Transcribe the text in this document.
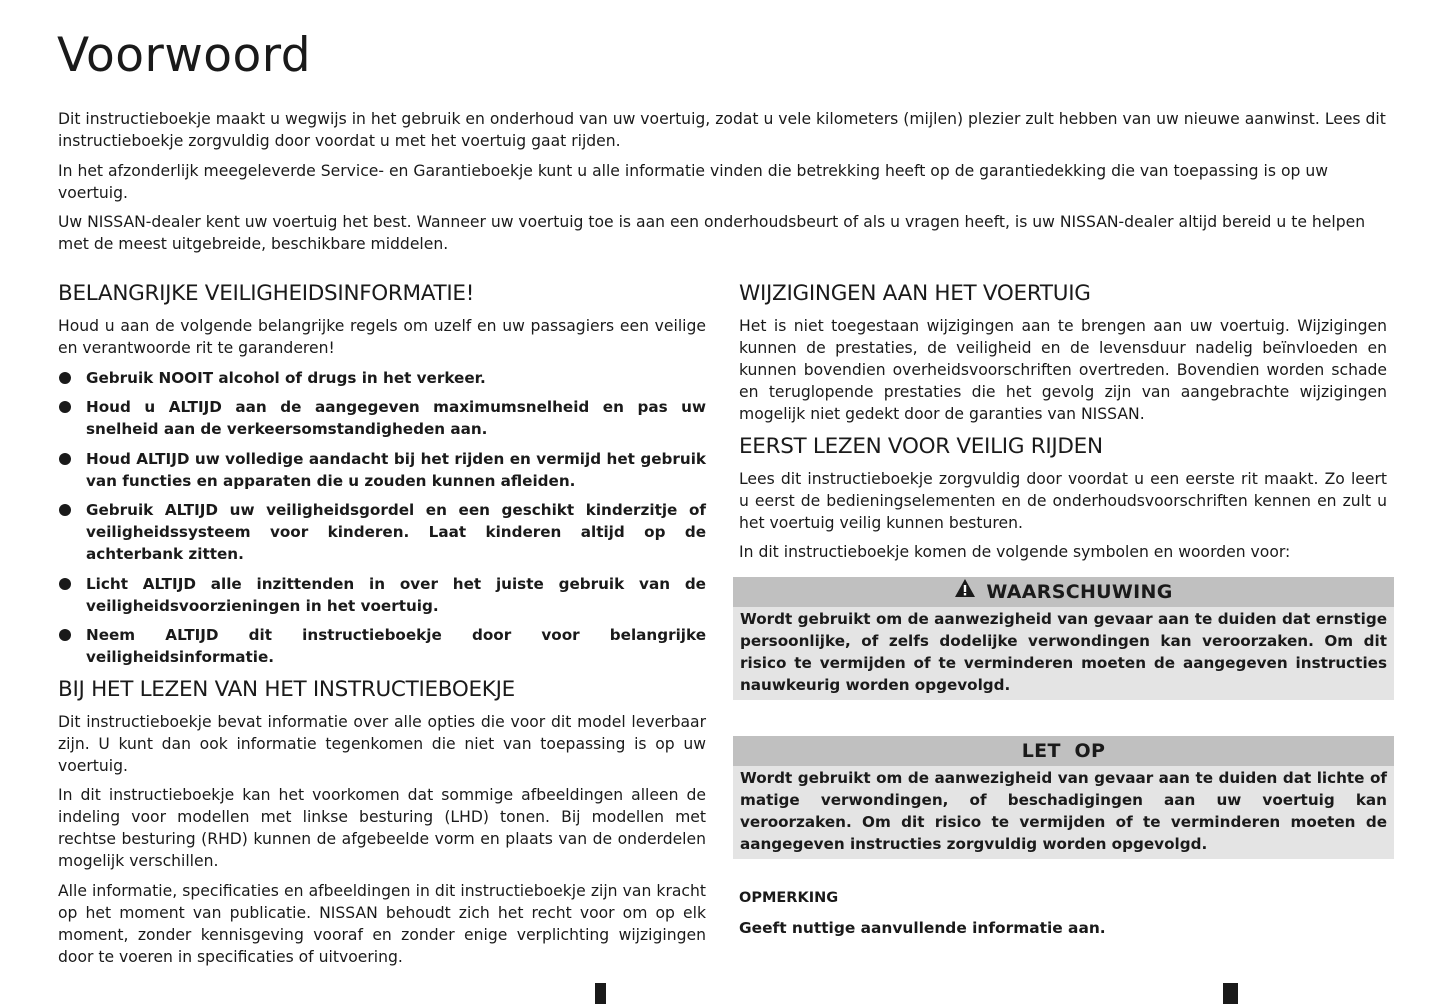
Voorwoord

Dit instructieboekje maakt u wegwijs in het gebruik en onderhoud van uw voertuig, zodat u vele kilometers (mijlen) plezier zult hebben van uw nieuwe aanwinst. Lees dit instructieboekje zorgvuldig door voordat u met het voertuig gaat rijden.

In het afzonderlijk meegeleverde Service- en Garantieboekje kunt u alle informatie vinden die betrekking heeft op de garantiedekking die van toepassing is op uw voertuig.

Uw NISSAN-dealer kent uw voertuig het best. Wanneer uw voertuig toe is aan een onderhoudsbeurt of als u vragen heeft, is uw NISSAN-dealer altijd bereid u te helpen met de meest uitgebreide, beschikbare middelen.

BELANGRIJKE VEILIGHEIDSINFORMATIE!

Houd u aan de volgende belangrijke regels om uzelf en uw passagiers een veilige en verantwoorde rit te garanderen!

Gebruik NOOIT alcohol of drugs in het verkeer.
Houd u ALTIJD aan de aangegeven maximumsnelheid en pas uw snelheid aan de verkeersomstandigheden aan.
Houd ALTIJD uw volledige aandacht bij het rijden en vermijd het gebruik van functies en apparaten die u zouden kunnen afleiden.
Gebruik ALTIJD uw veiligheidsgordel en een geschikt kinderzitje of veiligheidssysteem voor kinderen. Laat kinderen altijd op de achterbank zitten.
Licht ALTIJD alle inzittenden in over het juiste gebruik van de veiligheidsvoorzieningen in het voertuig.
Neem ALTIJD dit instructieboekje door voor belangrijke veiligheidsinformatie.
BIJ HET LEZEN VAN HET INSTRUCTIEBOEKJE

Dit instructieboekje bevat informatie over alle opties die voor dit model leverbaar zijn. U kunt dan ook informatie tegenkomen die niet van toepassing is op uw voertuig.

In dit instructieboekje kan het voorkomen dat sommige afbeeldingen alleen de indeling voor modellen met linkse besturing (LHD) tonen. Bij modellen met rechtse besturing (RHD) kunnen de afgebeelde vorm en plaats van de onderdelen mogelijk verschillen.

Alle informatie, specificaties en afbeeldingen in dit instructieboekje zijn van kracht op het moment van publicatie. NISSAN behoudt zich het recht voor om op elk moment, zonder kennisgeving vooraf en zonder enige verplichting wijzigingen door te voeren in specificaties of uitvoering.

WIJZIGINGEN AAN HET VOERTUIG

Het is niet toegestaan wijzigingen aan te brengen aan uw voertuig. Wijzigingen kunnen de prestaties, de veiligheid en de levensduur nadelig beïnvloeden en kunnen bovendien overheidsvoorschriften overtreden. Bovendien worden schade en teruglopende prestaties die het gevolg zijn van aangebrachte wijzigingen mogelijk niet gedekt door de garanties van NISSAN.

EERST LEZEN VOOR VEILIG RIJDEN

Lees dit instructieboekje zorgvuldig door voordat u een eerste rit maakt. Zo leert u eerst de bedieningselementen en de onderhoudsvoorschriften kennen en zult u het voertuig veilig kunnen besturen.

In dit instructieboekje komen de volgende symbolen en woorden voor:

WAARSCHUWING
Wordt gebruikt om de aanwezigheid van gevaar aan te duiden dat ernstige persoonlijke, of zelfs dodelijke verwondingen kan veroorzaken. Om dit risico te vermijden of te verminderen moeten de aangegeven instructies nauwkeurig worden opgevolgd.
LET  OP
Wordt gebruikt om de aanwezigheid van gevaar aan te duiden dat lichte of matige verwondingen, of beschadigingen aan uw voertuig kan veroorzaken. Om dit risico te vermijden of te verminderen moeten de aangegeven instructies zorgvuldig worden opgevolgd.

OPMERKING

Geeft nuttige aanvullende informatie aan.
